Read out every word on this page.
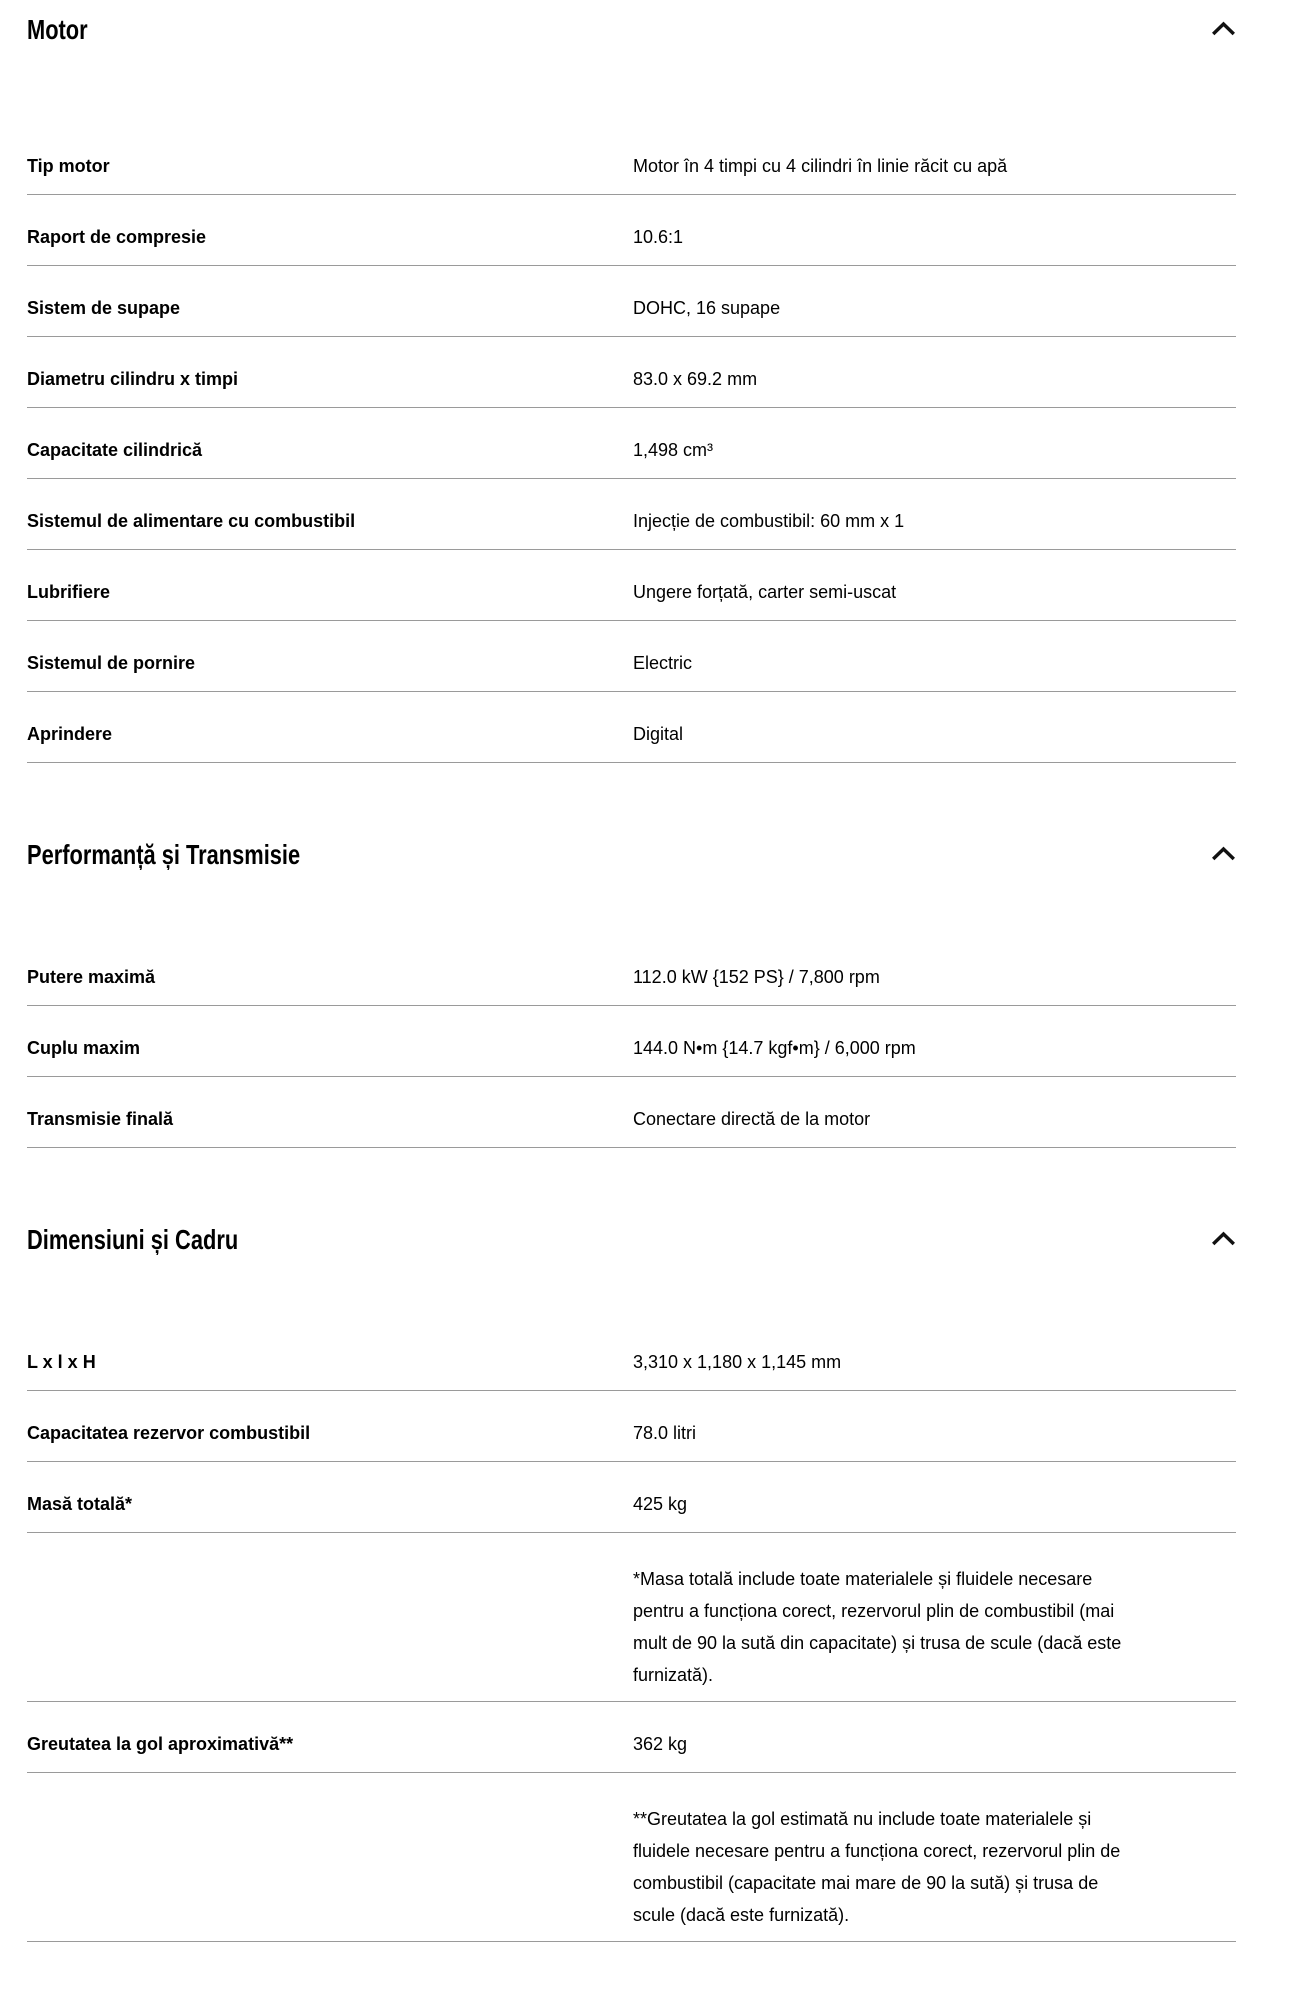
Motor
Tip motor	Motor în 4 timpi cu 4 cilindri în linie răcit cu apă
Raport de compresie	10.6:1
Sistem de supape	DOHC, 16 supape
Diametru cilindru x timpi	83.0 x 69.2 mm
Capacitate cilindrică	1,498 cm³
Sistemul de alimentare cu combustibil	Injecție de combustibil: 60 mm x 1
Lubrifiere	Ungere forțată, carter semi-uscat
Sistemul de pornire	Electric
Aprindere	Digital
Performanță și Transmisie
Putere maximă	112.0 kW {152 PS} / 7,800 rpm
Cuplu maxim	144.0 N•m {14.7 kgf•m} / 6,000 rpm
Transmisie finală	Conectare directă de la motor
Dimensiuni și Cadru
L x l x H	3,310 x 1,180 x 1,145 mm
Capacitatea rezervor combustibil	78.0 litri
Masă totală*	425 kg

*Masa totală include toate materialele și fluidele necesare pentru a funcționa corect, rezervorul plin de combustibil (mai mult de 90 la sută din capacitate) și trusa de scule (dacă este furnizată).

Greutatea la gol aproximativă**	362 kg

**Greutatea la gol estimată nu include toate materialele și fluidele necesare pentru a funcționa corect, rezervorul plin de combustibil (capacitate mai mare de 90 la sută) și trusa de scule (dacă este furnizată).
